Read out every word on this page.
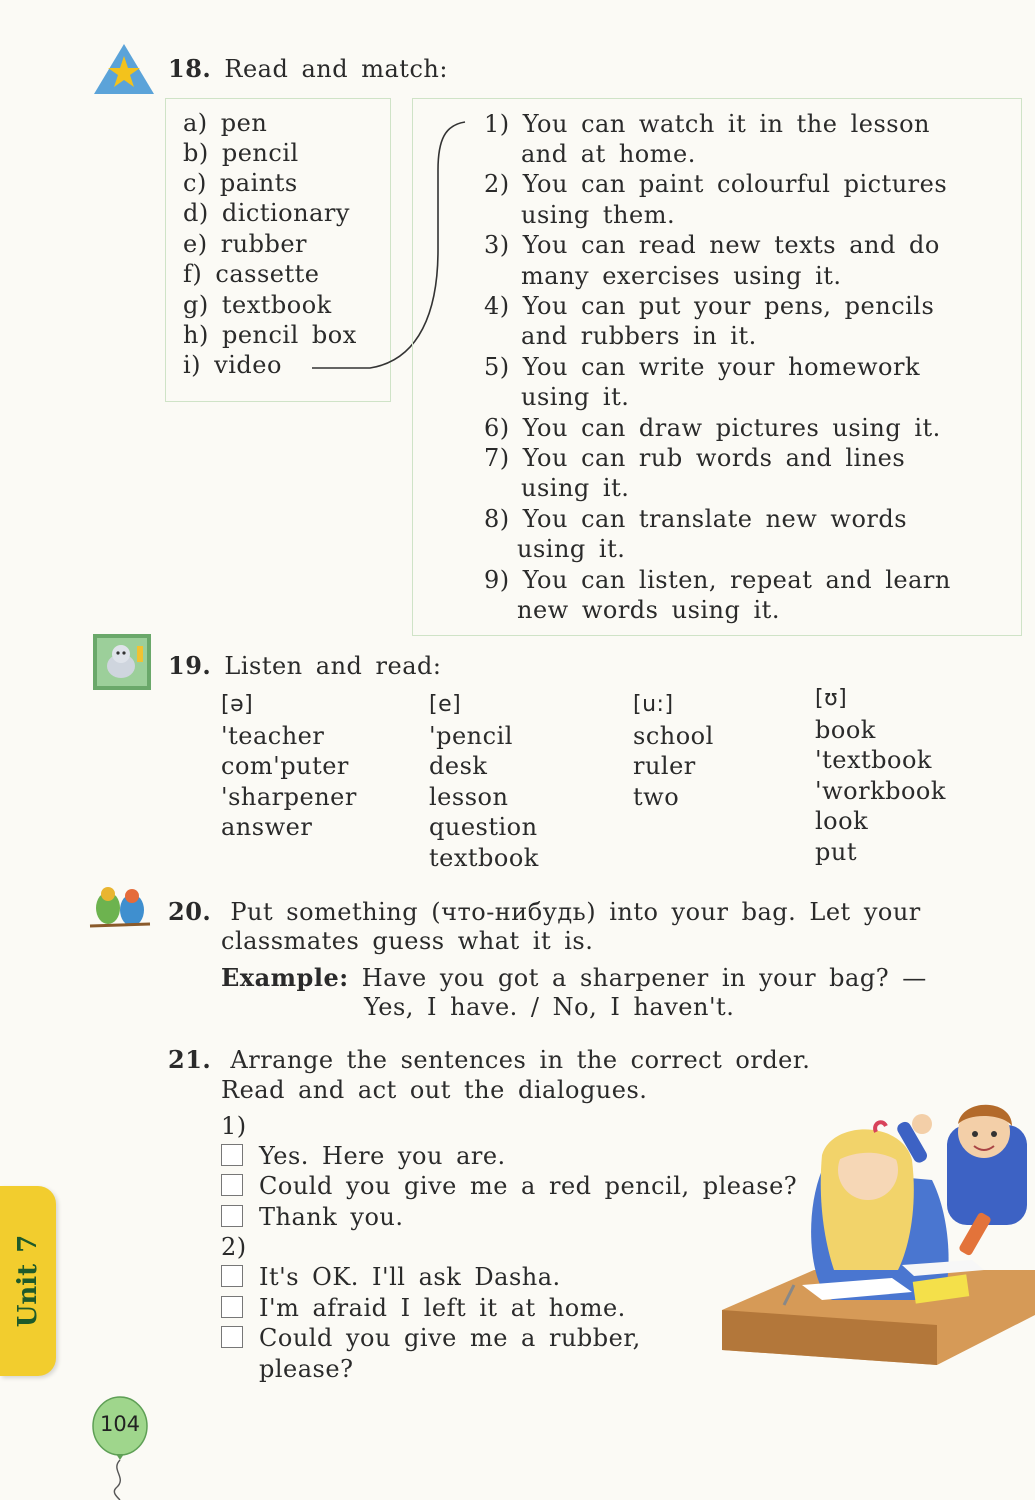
18. Read and match:
a) pen
b) pencil
c) paints
d) dictionary
e) rubber
f) cassette
g) textbook
h) pencil box
i) video
1) You can watch it in the lesson
and at home.
2) You can paint colourful pictures
using them.
3) You can read new texts and do
many exercises using it.
4) You can put your pens, pencils
and rubbers in it.
5) You can write your homework
using it.
6) You can draw pictures using it.
7) You can rub words and lines
using it.
8) You can translate new words
using it.
9) You can listen, repeat and learn
new words using it.
19. Listen and read:
[ə]
'teacher
com'puter
'sharpener
answer
[e]
'pencil
desk
lesson
question
textbook
[u:]
school
ruler
two
[ʊ]
book
'textbook
'workbook
look
put
20. Put something (что-нибудь) into your bag. Let your
classmates guess what it is.
Example: Have you got a sharpener in your bag? —
Yes, I have. / No, I haven't.
21. Arrange the sentences in the correct order.
Read and act out the dialogues.
1)
Yes. Here you are.
Could you give me a red pencil, please?
Thank you.
2)
It's OK. I'll ask Dasha.
I'm afraid I left it at home.
Could you give me a rubber,
please?
Unit 7
104
